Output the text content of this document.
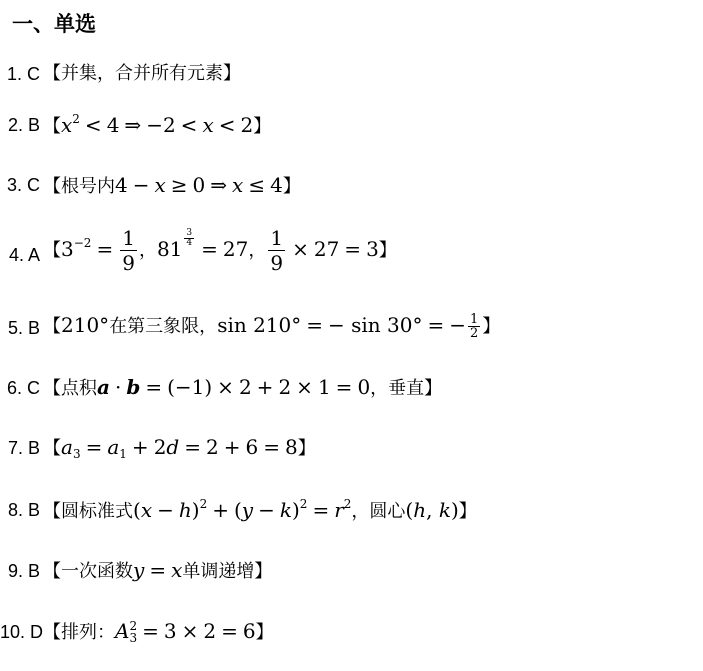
一、单选
1. C 【并集，合并所有元素】
2. B 【$x^2 < 4$ ⇒ −2 < x < 2】
3. C 【根号内4 − x ≥ 0 ⇒ x ≤ 4】
4. A 【$3^{-2} = \frac{1}{9}$ ，$81 \frac{3}{4} = 27$， $\frac{1}{9} \times 27 = 3$】
5. B 【210°在第三象限，sin 210° = − sin 30° = − $\frac{1}{2}$ 】
6. C 【点积a · b = (−1) × 2 + 2 × 1 = 0，垂直】
7. B 【$a_3 = a_1 + 2d = 2 + 6 = 8$】
8. B 【圆标准式$(x - h)^2 + (y - k)^2 = r^2$，圆心(h, k)】
9. B 【一次函数y = x单调递增】
10. D 【排列：A 2
3 = 3 × 2 = 6】
